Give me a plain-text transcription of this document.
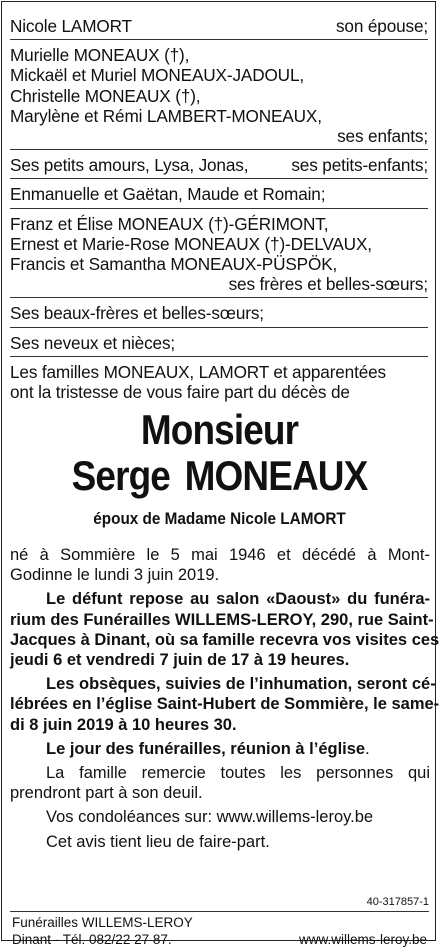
Nicole LAMORT	son épouse;
Murielle MONEAUX (†),
Mickaël et Muriel MONEAUX-JADOUL,
Christelle MONEAUX (†),
Marylène et Rémi LAMBERT-MONEAUX,
ses enfants;
Ses petits amours, Lysa, Jonas,	ses petits-enfants;
Enmanuelle et Gaëtan, Maude et Romain;
Franz et Élise MONEAUX (†)-GÉRIMONT,
Ernest et Marie-Rose MONEAUX (†)-DELVAUX,
Francis et Samantha MONEAUX-PÜSPÖK,
ses frères et belles-sœurs;
Ses beaux-frères et belles-sœurs;
Ses neveux et nièces;
Les familles MONEAUX, LAMORT et apparentées
ont la tristesse de vous faire part du décès de
Monsieur
Serge MONEAUX
époux de Madame Nicole LAMORT
né à Sommière le 5 mai 1946 et décédé à Mont-
Godinne le lundi 3 juin 2019.
Le défunt repose au salon «Daoust» du funéra-
rium des Funérailles WILLEMS-LEROY, 290, rue Saint-
Jacques à Dinant, où sa famille recevra vos visites ces
jeudi 6 et vendredi 7 juin de 17 à 19 heures.
Les obsèques, suivies de l’inhumation, seront cé-
lébrées en l’église Saint-Hubert de Sommière, le same-
di 8 juin 2019 à 10 heures 30.
Le jour des funérailles, réunion à l’église.
La famille remercie toutes les personnes qui
prendront part à son deuil.
Vos condoléances sur: www.willems-leroy.be
Cet avis tient lieu de faire-part.
40-317857-1
Funérailles WILLEMS-LEROY
Dinant - Tél. 082/22 27 87.	www.willems-leroy.be
